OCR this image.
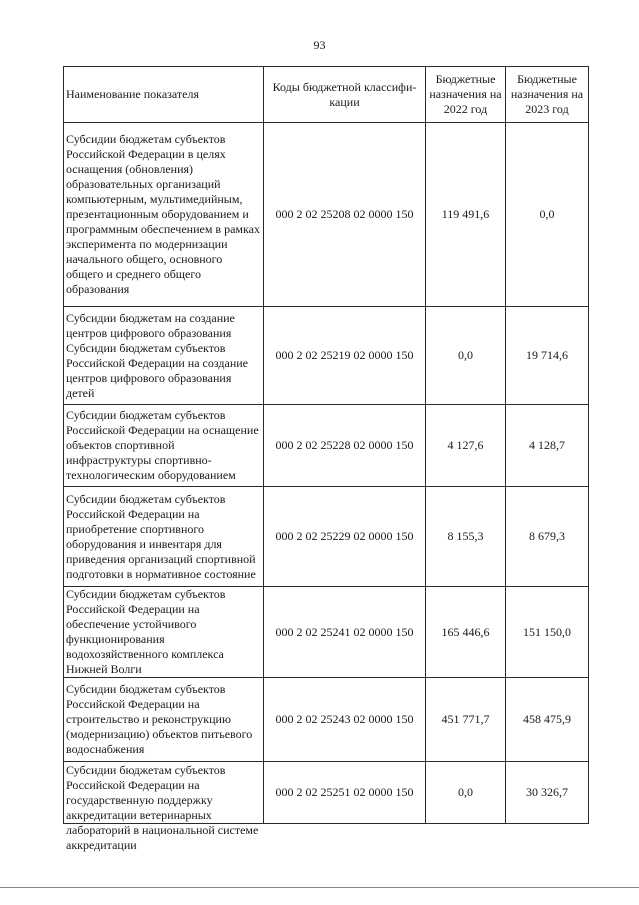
93
Наименование показателя	Коды бюджетной классифи-кации	Бюджетные назначения на 2022 год	Бюджетные назначения на 2023 год
Субсидии бюджетам субъектов Российской Федерации в целях оснащения (обновления) образовательных организаций компьютерным, мультимедийным, презентационным оборудованием и программным обеспечением в рамках эксперимента по модернизации начального общего, основного общего и среднего общего образования	000 2 02 25208 02 0000 150	119 491,6	0,0
Субсидии бюджетам на создание центров цифрового образования Субсидии бюджетам субъектов Российской Федерации на создание центров цифрового образования детей	000 2 02 25219 02 0000 150	0,0	19 714,6
Субсидии бюджетам субъектов Российской Федерации на оснащение объектов спортивной инфраструктуры спортивно-технологическим оборудованием	000 2 02 25228 02 0000 150	4 127,6	4 128,7
Субсидии бюджетам субъектов Российской Федерации на приобретение спортивного оборудования и инвентаря для приведения организаций спортивной подготовки в нормативное состояние	000 2 02 25229 02 0000 150	8 155,3	8 679,3
Субсидии бюджетам субъектов Российской Федерации на обеспечение устойчивого функционирования водохозяйственного комплекса Нижней Волги	000 2 02 25241 02 0000 150	165 446,6	151 150,0
Субсидии бюджетам субъектов Российской Федерации на строительство и реконструкцию (модернизацию) объектов питьевого водоснабжения	000 2 02 25243 02 0000 150	451 771,7	458 475,9

Субсидии бюджетам субъектов Российской Федерации на государственную поддержку аккредитации ветеринарных лабораторий в национальной системе аккредитации	000 2 02 25251 02 0000 150	0,0	30 326,7
